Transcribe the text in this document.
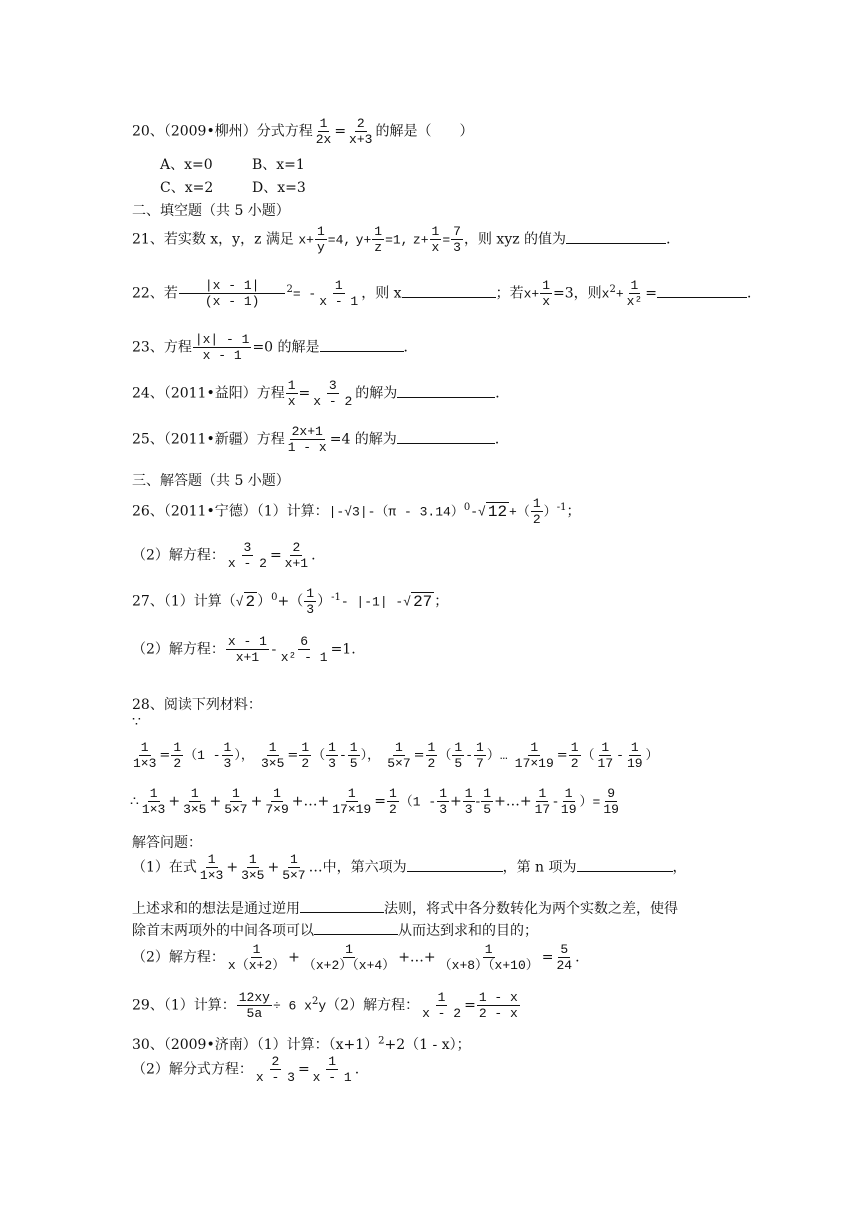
20、（2009•柳州）分式方程 $\frac{1}{2x} = \frac{2}{x+3}$ 的解是（　　）
A、x=0	B、x=1
C、x=2	D、x=3
二、填空题（共 5 小题）
21、若实数 x，y，z 满足 $x+ \frac{1}{y} =4$, $y+ \frac{1}{z} =1$, $z+ \frac{1}{x} = \frac{7}{3}$ ，则 xyz 的值为	．
22、若 $\frac{|x - 1|}{(x - 1)} ^2= - \frac{1}{x - 1}$ ，则 x	；若$x+ \frac{1}{x} =3$，则$x^2+ \frac{1}{\text{x²}}$ =	．
23、方程 $\frac{|x| - 1}{x - 1} =0$ 的解是	．
24、（2011•益阳）方程 $\frac{1}{x} = \frac{3}{x - 2}$ 的解为	．
25、（2011•新疆）方程 $\frac{2x+1}{1 - x} =4$ 的解为	．
三、解答题（共 5 小题）
26、（2011•宁德）（1）计算：|-√3|-（π - 3.14）$^0$-√ 12 +（ $\frac{1}{2} )^{-1}$；
（2）解方程： $\frac{3}{x - 2} = \frac{2}{x+1}$ .
27、（1）计算（√ 2 ）$^0+( \frac{1}{3} )^{-1}-$ |-1| -√ 27 ；
（2）解方程： $\frac{x - 1}{x+1} - \frac{6}{\text{x² - 1}} =1$.
28、阅读下列材料：
∵
$\frac{1}{1\times 3} = \frac{1}{2} (1 - \frac{1}{3}$ ）， $\frac{1}{3\times 5} = \frac{1}{2}$ （ $\frac{1}{3} - \frac{1}{5}$ ）， $\frac{1}{5\times 7} = \frac{1}{2}$ （ $\frac{1}{5} - \frac{1}{7}$ ）… $\frac{1}{17\times 19} = \frac{1}{2}$ （ $\frac{1}{17} - \frac{1}{19}$ ）
∴ $\frac{1}{1\times 3} + \frac{1}{3\times 5} + \frac{1}{5\times 7} + \frac{1}{7\times 9}$ +…+ $\frac{1}{17\times 19} = \frac{1}{2} (1 - \frac{1}{3} + \frac{1}{3} - \frac{1}{5}$ +…+ $\frac{1}{17} - \frac{1}{19}$ ）= $\frac{9}{19}$
解答问题：
（1）在式 $\frac{1}{1\times 3} + \frac{1}{3\times 5} + \frac{1}{5\times 7}$ …中，第六项为	，第 n 项为	，
上述求和的想法是通过逆用	法则，将式中各分数转化为两个实数之差，使得
除首末两项外的中间各项可以	从而达到求和的目的；
（2）解方程： $\frac{1}{x(x+2)} + \frac{1}{(x+2)(x+4)}$ +…+ $\frac{1}{(x+8)(x+10)} = \frac{5}{24}$ .
29、（1）计算： $\frac{12xy}{5a} \div 6$ $x^2y(2)$解方程： $\frac{1}{x - 2} = \frac{1 - x}{2 - x}$
30、（2009•济南）（1）计算：$(x+1)^2+2(1 - x)$；
（2）解分式方程： $\frac{2}{x - 3} = \frac{1}{x - 1}$ .
